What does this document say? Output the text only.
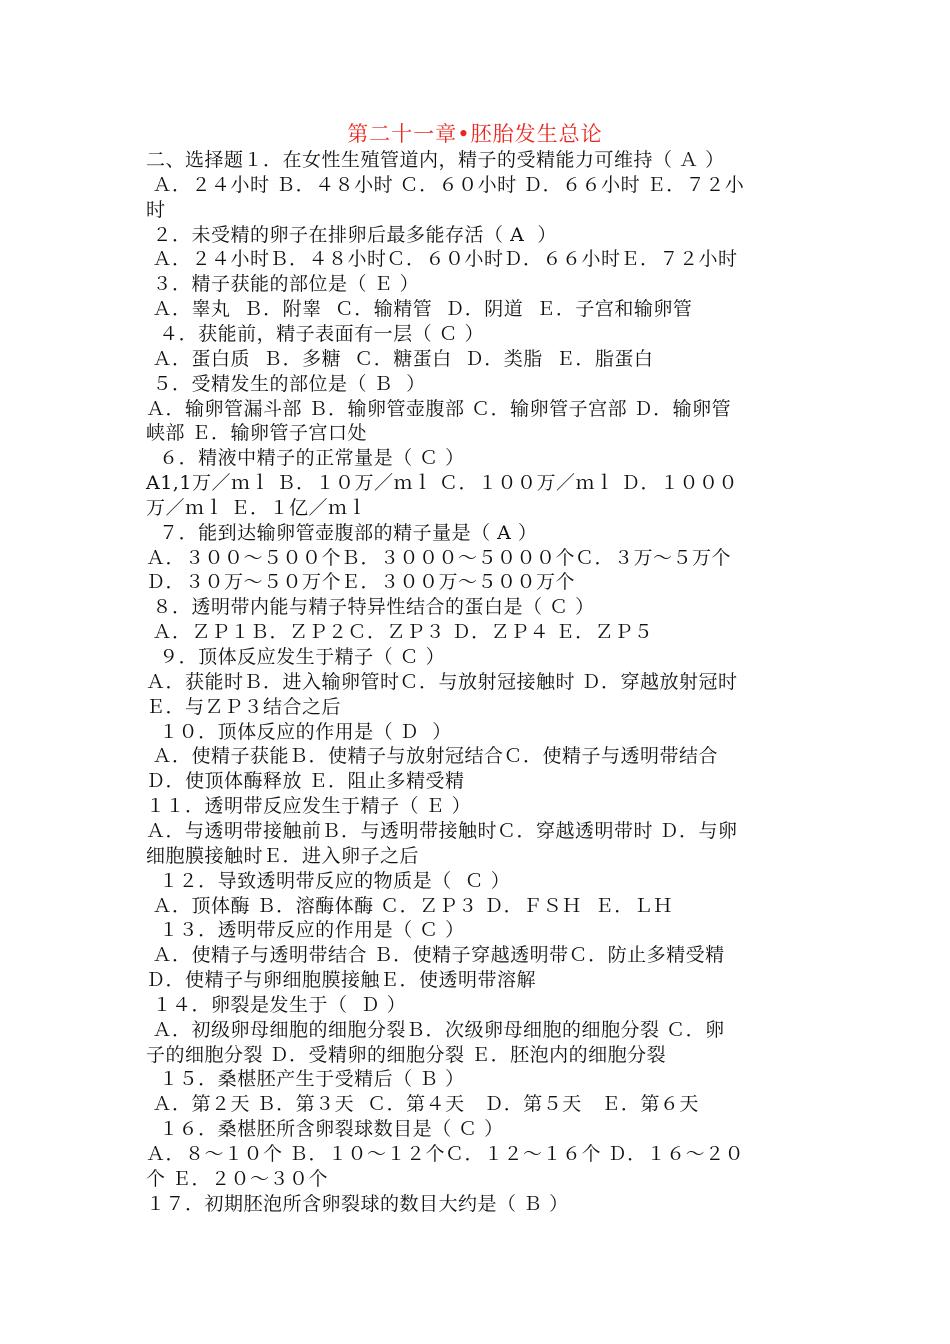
第二十一章•胚胎发生总论
二、选择题１．在女性生殖管道内，精子的受精能力可维持（ Ａ ）
Ａ．２４小时 Ｂ．４８小时 Ｃ．６０小时 Ｄ．６６小时 Ｅ．７２小
时
２．未受精的卵子在排卵后最多能存活（ A  ）
Ａ．２４小时Ｂ．４８小时Ｃ．６０小时Ｄ．６６小时Ｅ．７２小时
３．精子获能的部位是（ Ｅ ）
Ａ．睾丸  Ｂ．附睾  Ｃ．输精管  Ｄ．阴道  Ｅ．子宫和输卵管
４．获能前，精子表面有一层（ Ｃ ）
Ａ．蛋白质  Ｂ．多糖  Ｃ．糖蛋白  Ｄ．类脂  Ｅ．脂蛋白
５．受精发生的部位是（ Ｂ  ）
Ａ．输卵管漏斗部 Ｂ．输卵管壶腹部 Ｃ．输卵管子宫部 Ｄ．输卵管
峡部 Ｅ．输卵管子宫口处
６．精液中精子的正常量是（ Ｃ ）
A1,1万／ｍｌ Ｂ．１０万／ｍｌ Ｃ．１００万／ｍｌ Ｄ．１０００
万／ｍｌ Ｅ．１亿／ｍｌ
７．能到达输卵管壶腹部的精子量是（ A ）
Ａ．３００～５００个Ｂ．３０００～５０００个Ｃ．３万～５万个
Ｄ．３０万～５０万个Ｅ．３００万～５００万个
８．透明带内能与精子特异性结合的蛋白是（ Ｃ ）
Ａ．ＺＰ１Ｂ．ＺＰ２Ｃ．ＺＰ３ Ｄ．ＺＰ４ Ｅ．ＺＰ５
９．顶体反应发生于精子（ Ｃ ）
Ａ．获能时Ｂ．进入输卵管时Ｃ．与放射冠接触时 Ｄ．穿越放射冠时
Ｅ．与ＺＰ３结合之后
１０．顶体反应的作用是（ Ｄ  ）
Ａ．使精子获能Ｂ．使精子与放射冠结合Ｃ．使精子与透明带结合
Ｄ．使顶体酶释放 Ｅ．阻止多精受精
１１．透明带反应发生于精子（ Ｅ ）
Ａ．与透明带接触前Ｂ．与透明带接触时Ｃ．穿越透明带时 Ｄ．与卵
细胞膜接触时Ｅ．进入卵子之后
１２．导致透明带反应的物质是（  Ｃ ）
Ａ．顶体酶 Ｂ．溶酶体酶 Ｃ．ＺＰ３ Ｄ．ＦＳＨ  Ｅ．ＬＨ
１３．透明带反应的作用是（ Ｃ ）
Ａ．使精子与透明带结合 Ｂ．使精子穿越透明带Ｃ．防止多精受精
Ｄ．使精子与卵细胞膜接触Ｅ．使透明带溶解
１４．卵裂是发生于（  Ｄ ）
Ａ．初级卵母细胞的细胞分裂Ｂ．次级卵母细胞的细胞分裂 Ｃ．卵
子的细胞分裂 Ｄ．受精卵的细胞分裂 Ｅ．胚泡内的细胞分裂
１５．桑椹胚产生于受精后（ Ｂ ）
Ａ．第２天 Ｂ．第３天  Ｃ．第４天   Ｄ．第５天   Ｅ．第６天
１６．桑椹胚所含卵裂球数目是（ Ｃ ）
Ａ．８～１０个 Ｂ．１０～１２个Ｃ．１２～１６个 Ｄ．１６～２０
个 Ｅ．２０～３０个
１７．初期胚泡所含卵裂球的数目大约是（ Ｂ ）
